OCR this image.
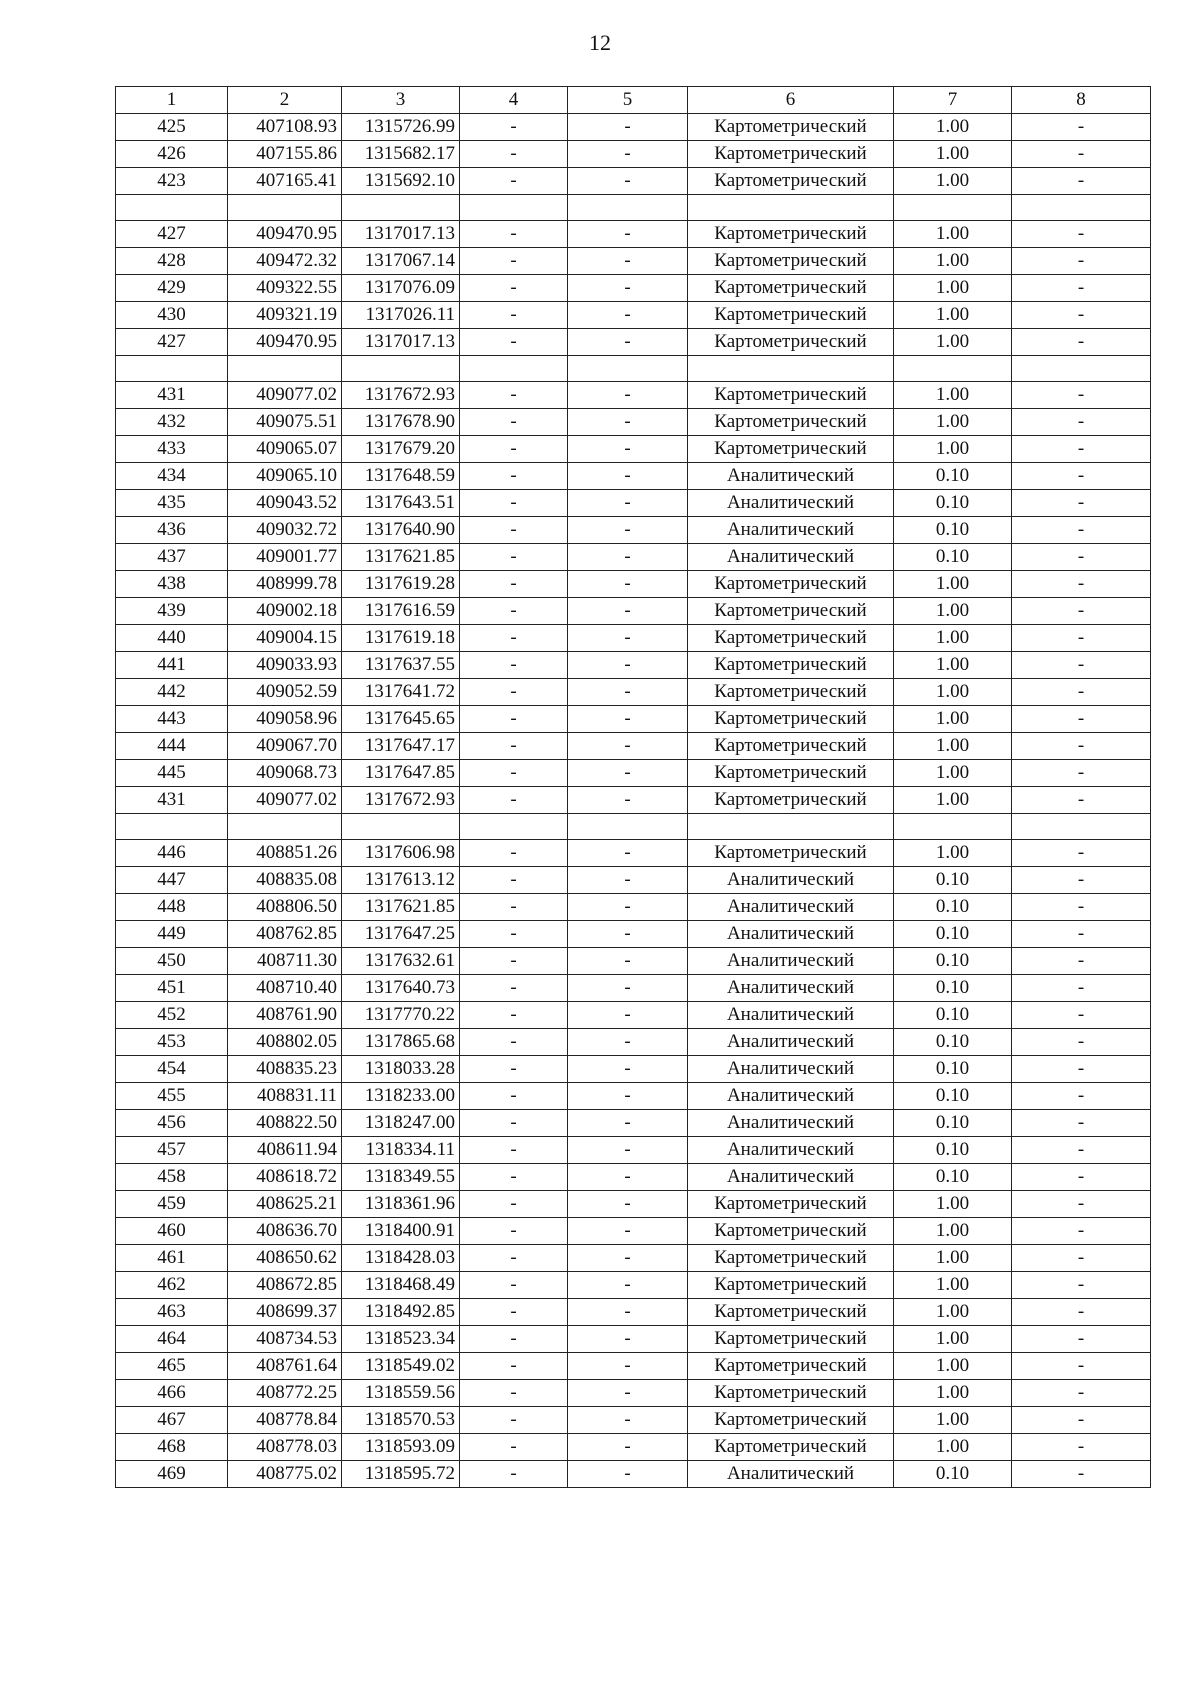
12
1	2	3	4	5	6	7	8
425	407108.93	1315726.99	-	-	Картометрический	1.00	-
426	407155.86	1315682.17	-	-	Картометрический	1.00	-
423	407165.41	1315692.10	-	-	Картометрический	1.00	-

427	409470.95	1317017.13	-	-	Картометрический	1.00	-
428	409472.32	1317067.14	-	-	Картометрический	1.00	-
429	409322.55	1317076.09	-	-	Картометрический	1.00	-
430	409321.19	1317026.11	-	-	Картометрический	1.00	-
427	409470.95	1317017.13	-	-	Картометрический	1.00	-

431	409077.02	1317672.93	-	-	Картометрический	1.00	-
432	409075.51	1317678.90	-	-	Картометрический	1.00	-
433	409065.07	1317679.20	-	-	Картометрический	1.00	-
434	409065.10	1317648.59	-	-	Аналитический	0.10	-
435	409043.52	1317643.51	-	-	Аналитический	0.10	-
436	409032.72	1317640.90	-	-	Аналитический	0.10	-
437	409001.77	1317621.85	-	-	Аналитический	0.10	-
438	408999.78	1317619.28	-	-	Картометрический	1.00	-
439	409002.18	1317616.59	-	-	Картометрический	1.00	-
440	409004.15	1317619.18	-	-	Картометрический	1.00	-
441	409033.93	1317637.55	-	-	Картометрический	1.00	-
442	409052.59	1317641.72	-	-	Картометрический	1.00	-
443	409058.96	1317645.65	-	-	Картометрический	1.00	-
444	409067.70	1317647.17	-	-	Картометрический	1.00	-
445	409068.73	1317647.85	-	-	Картометрический	1.00	-
431	409077.02	1317672.93	-	-	Картометрический	1.00	-

446	408851.26	1317606.98	-	-	Картометрический	1.00	-
447	408835.08	1317613.12	-	-	Аналитический	0.10	-
448	408806.50	1317621.85	-	-	Аналитический	0.10	-
449	408762.85	1317647.25	-	-	Аналитический	0.10	-
450	408711.30	1317632.61	-	-	Аналитический	0.10	-
451	408710.40	1317640.73	-	-	Аналитический	0.10	-
452	408761.90	1317770.22	-	-	Аналитический	0.10	-
453	408802.05	1317865.68	-	-	Аналитический	0.10	-
454	408835.23	1318033.28	-	-	Аналитический	0.10	-
455	408831.11	1318233.00	-	-	Аналитический	0.10	-
456	408822.50	1318247.00	-	-	Аналитический	0.10	-
457	408611.94	1318334.11	-	-	Аналитический	0.10	-
458	408618.72	1318349.55	-	-	Аналитический	0.10	-
459	408625.21	1318361.96	-	-	Картометрический	1.00	-
460	408636.70	1318400.91	-	-	Картометрический	1.00	-
461	408650.62	1318428.03	-	-	Картометрический	1.00	-
462	408672.85	1318468.49	-	-	Картометрический	1.00	-
463	408699.37	1318492.85	-	-	Картометрический	1.00	-
464	408734.53	1318523.34	-	-	Картометрический	1.00	-
465	408761.64	1318549.02	-	-	Картометрический	1.00	-
466	408772.25	1318559.56	-	-	Картометрический	1.00	-
467	408778.84	1318570.53	-	-	Картометрический	1.00	-
468	408778.03	1318593.09	-	-	Картометрический	1.00	-
469	408775.02	1318595.72	-	-	Аналитический	0.10	-
